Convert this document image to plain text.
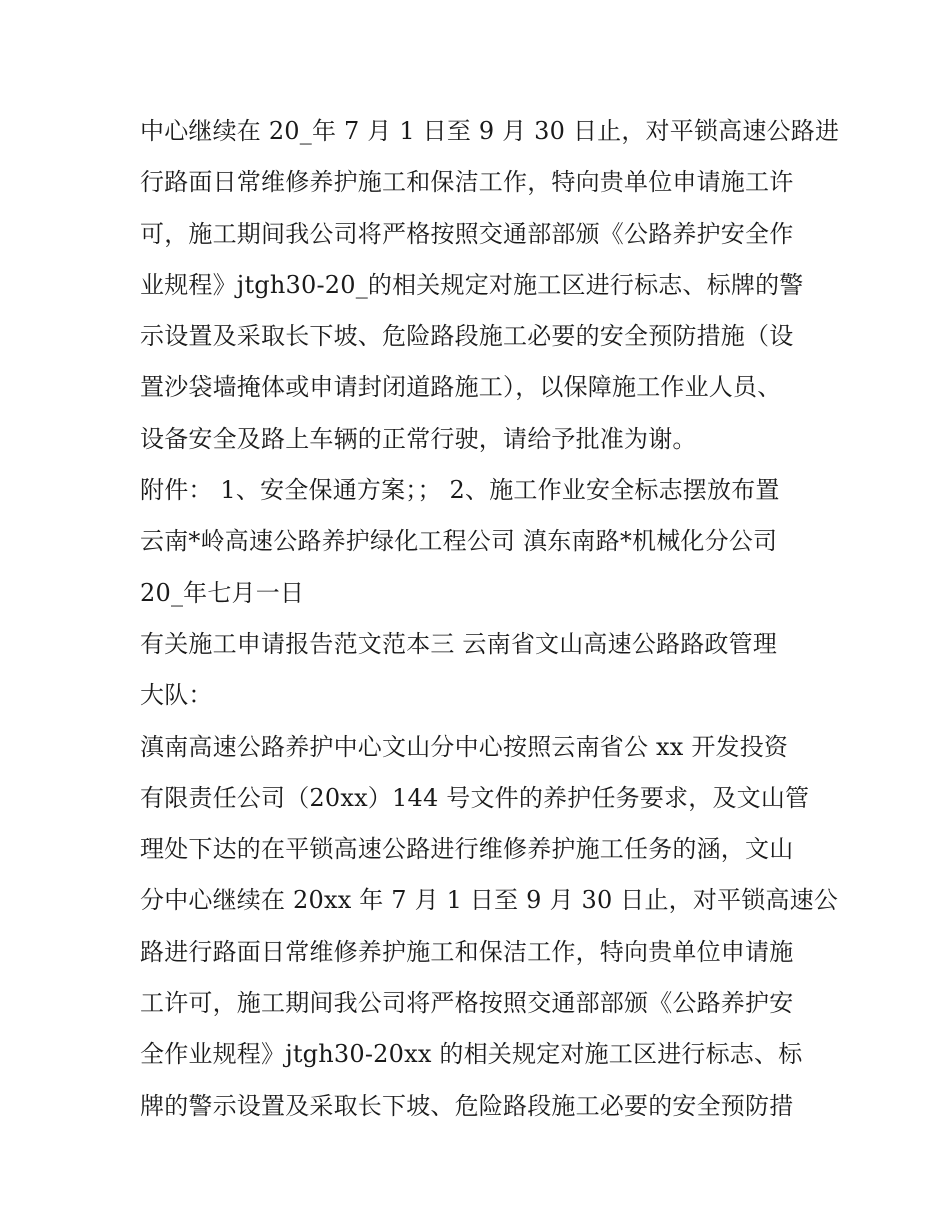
中心继续在 20_年 7 月 1 日至 9 月 30 日止，对平锁高速公路进
行路面日常维修养护施工和保洁工作，特向贵单位申请施工许
可，施工期间我公司将严格按照交通部部颁《公路养护安全作
业规程》jtgh30-20_的相关规定对施工区进行标志、标牌的警
示设置及采取长下坡、危险路段施工必要的安全预防措施（设
置沙袋墙掩体或申请封闭道路施工），以保障施工作业人员、
设备安全及路上车辆的正常行驶，请给予批准为谢。
附件： 1、安全保通方案；； 2、施工作业安全标志摆放布置
云南*岭高速公路养护绿化工程公司 滇东南路*机械化分公司
20_年七月一日
有关施工申请报告范文范本三 云南省文山高速公路路政管理
大队：
滇南高速公路养护中心文山分中心按照云南省公 xx 开发投资
有限责任公司（20xx）144 号文件的养护任务要求，及文山管
理处下达的在平锁高速公路进行维修养护施工任务的涵，文山
分中心继续在 20xx 年 7 月 1 日至 9 月 30 日止，对平锁高速公
路进行路面日常维修养护施工和保洁工作，特向贵单位申请施
工许可，施工期间我公司将严格按照交通部部颁《公路养护安
全作业规程》jtgh30-20xx 的相关规定对施工区进行标志、标
牌的警示设置及采取长下坡、危险路段施工必要的安全预防措
